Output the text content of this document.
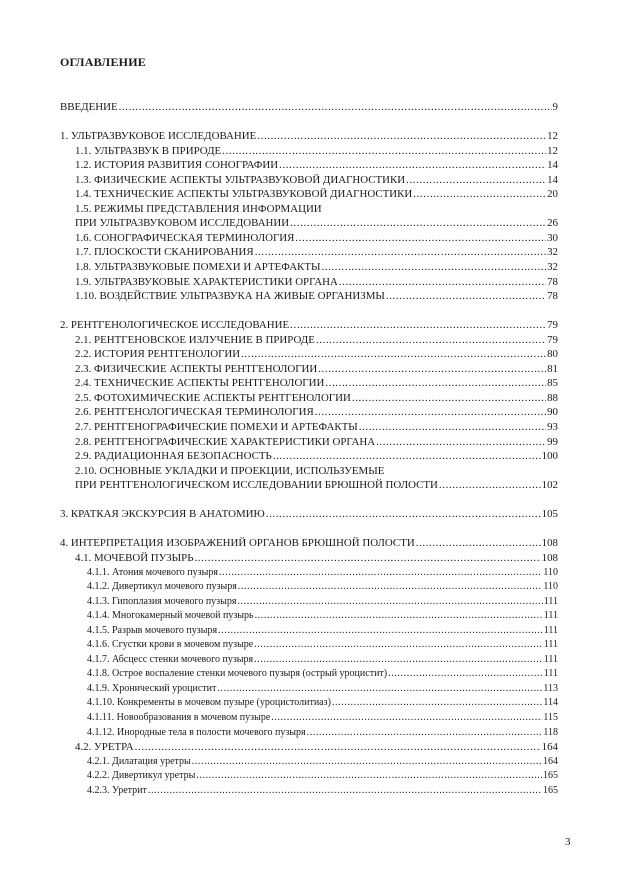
ОГЛАВЛЕНИЕ
ВВЕДЕНИЕ .....	9
1. УЛЬТРАЗВУКОВОЕ ИССЛЕДОВАНИЕ .....	12
1.1. УЛЬТРАЗВУК В ПРИРОДЕ .....	12
1.2. ИСТОРИЯ РАЗВИТИЯ СОНОГРАФИИ .....	14
1.3. ФИЗИЧЕСКИЕ АСПЕКТЫ УЛЬТРАЗВУКОВОЙ ДИАГНОСТИКИ .....	14
1.4. ТЕХНИЧЕСКИЕ АСПЕКТЫ УЛЬТРАЗВУКОВОЙ ДИАГНОСТИКИ .....	20
1.5. РЕЖИМЫ ПРЕДСТАВЛЕНИЯ ИНФОРМАЦИИ
ПРИ УЛЬТРАЗВУКОВОМ ИССЛЕДОВАНИИ .....	26
1.6. СОНОГРАФИЧЕСКАЯ ТЕРМИНОЛОГИЯ .....	30
1.7. ПЛОСКОСТИ СКАНИРОВАНИЯ .....	32
1.8. УЛЬТРАЗВУКОВЫЕ ПОМЕХИ И АРТЕФАКТЫ .....	32
1.9. УЛЬТРАЗВУКОВЫЕ ХАРАКТЕРИСТИКИ ОРГАНА .....	78
1.10. ВОЗДЕЙСТВИЕ УЛЬТРАЗВУКА НА ЖИВЫЕ ОРГАНИЗМЫ .....	78
2. РЕНТГЕНОЛОГИЧЕСКОЕ ИССЛЕДОВАНИЕ .....	79
2.1. РЕНТГЕНОВСКОЕ ИЗЛУЧЕНИЕ В ПРИРОДЕ .....	79
2.2. ИСТОРИЯ РЕНТГЕНОЛОГИИ .....	80
2.3. ФИЗИЧЕСКИЕ АСПЕКТЫ РЕНТГЕНОЛОГИИ .....	81
2.4. ТЕХНИЧЕСКИЕ АСПЕКТЫ РЕНТГЕНОЛОГИИ .....	85
2.5. ФОТОХИМИЧЕСКИЕ АСПЕКТЫ РЕНТГЕНОЛОГИИ .....	88
2.6. РЕНТГЕНОЛОГИЧЕСКАЯ ТЕРМИНОЛОГИЯ .....	90
2.7. РЕНТГЕНОГРАФИЧЕСКИЕ ПОМЕХИ И АРТЕФАКТЫ .....	93
2.8. РЕНТГЕНОГРАФИЧЕСКИЕ ХАРАКТЕРИСТИКИ ОРГАНА .....	99
2.9. РАДИАЦИОННАЯ БЕЗОПАСНОСТЬ .....	100
2.10. ОСНОВНЫЕ УКЛАДКИ И ПРОЕКЦИИ, ИСПОЛЬЗУЕМЫЕ
ПРИ РЕНТГЕНОЛОГИЧЕСКОМ ИССЛЕДОВАНИИ БРЮШНОЙ ПОЛОСТИ .....	102
3. КРАТКАЯ ЭКСКУРСИЯ В АНАТОМИЮ .....	105
4. ИНТЕРПРЕТАЦИЯ ИЗОБРАЖЕНИЙ ОРГАНОВ БРЮШНОЙ ПОЛОСТИ .....	108
4.1. МОЧЕВОЙ ПУЗЫРЬ .....	108
4.1.1. Атония мочевого пузыря .....	110
4.1.2. Дивертикул мочевого пузыря .....	110
4.1.3. Гипоплазия мочевого пузыря .....	111
4.1.4. Многокамерный мочевой пузырь .....	111
4.1.5. Разрыв мочевого пузыря .....	111
4.1.6. Сгустки крови в мочевом пузыре .....	111
4.1.7. Абсцесс стенки мочевого пузыря .....	111
4.1.8. Острое воспаление стенки мочевого пузыря (острый уроцистит) .....	111
4.1.9. Хронический уроцистит .....	113
4.1.10. Конкременты в мочевом пузыре (уроцистолитиаз) .....	114
4.1.11. Новообразования в мочевом пузыре .....	115
4.1.12. Инородные тела в полости мочевого пузыря .....	118
4.2. УРЕТРА .....	164
4.2.1. Дилатация уретры .....	164
4.2.2. Дивертикул уретры .....	165
4.2.3. Уретрит .....	165
3
